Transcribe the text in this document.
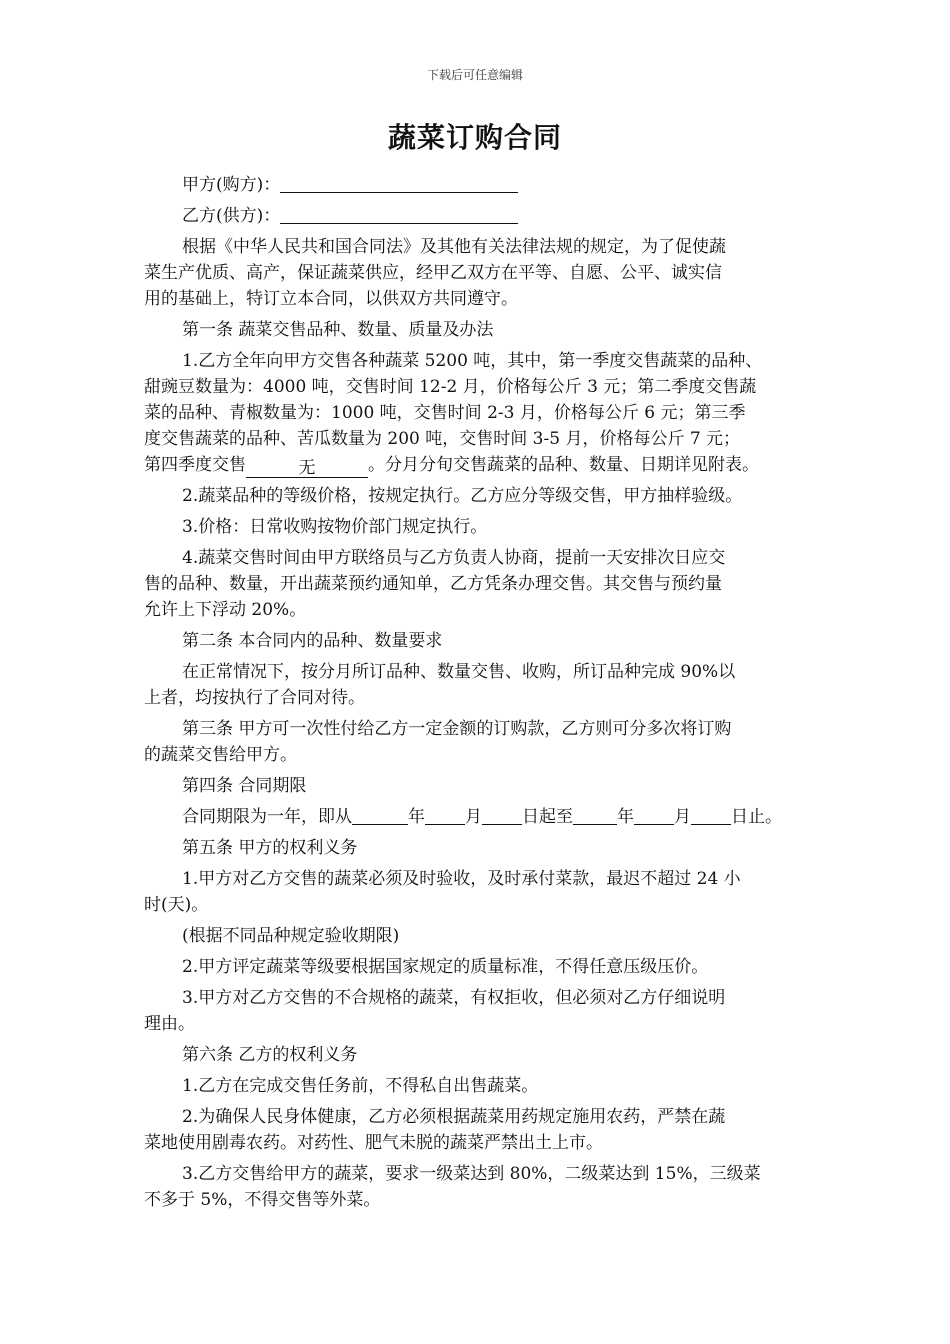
下载后可任意编辑
蔬菜订购合同
甲方(购方)：
乙方(供方)：
根据《中华人民共和国合同法》及其他有关法律法规的规定，为了促使蔬
菜生产优质、高产，保证蔬菜供应，经甲乙双方在平等、自愿、公平、诚实信
用的基础上，特订立本合同，以供双方共同遵守。
第一条 蔬菜交售品种、数量、质量及办法
1.乙方全年向甲方交售各种蔬菜 5200 吨，其中，第一季度交售蔬菜的品种、
甜豌豆数量为：4000 吨，交售时间 12-2 月，价格每公斤 3 元；第二季度交售蔬
菜的品种、青椒数量为：1000 吨，交售时间 2-3 月，价格每公斤 6 元；第三季
度交售蔬菜的品种、苦瓜数量为 200 吨，交售时间 3-5 月，价格每公斤 7 元；
第四季度交售	无	。分月分旬交售蔬菜的品种、数量、日期详见附表。
2.蔬菜品种的等级价格，按规定执行。乙方应分等级交售，甲方抽样验级。
3.价格：日常收购按物价部门规定执行。
4.蔬菜交售时间由甲方联络员与乙方负责人协商，提前一天安排次日应交
售的品种、数量，开出蔬菜预约通知单，乙方凭条办理交售。其交售与预约量
允许上下浮动 20%。
第二条 本合同内的品种、数量要求
在正常情况下，按分月所订品种、数量交售、收购，所订品种完成 90%以
上者，均按执行了合同对待。
第三条 甲方可一次性付给乙方一定金额的订购款，乙方则可分多次将订购
的蔬菜交售给甲方。
第四条 合同期限
合同期限为一年，即从	年 月 日起至	年 月 日止。
第五条 甲方的权利义务
1.甲方对乙方交售的蔬菜必须及时验收，及时承付菜款，最迟不超过 24 小
时(天)。
(根据不同品种规定验收期限)
2.甲方评定蔬菜等级要根据国家规定的质量标准，不得任意压级压价。
3.甲方对乙方交售的不合规格的蔬菜，有权拒收，但必须对乙方仔细说明
理由。
第六条 乙方的权利义务
1.乙方在完成交售任务前，不得私自出售蔬菜。
2.为确保人民身体健康，乙方必须根据蔬菜用药规定施用农药，严禁在蔬
菜地使用剧毒农药。对药性、肥气未脱的蔬菜严禁出土上市。
3.乙方交售给甲方的蔬菜，要求一级菜达到 80%，二级菜达到 15%，三级菜
不多于 5%，不得交售等外菜。
